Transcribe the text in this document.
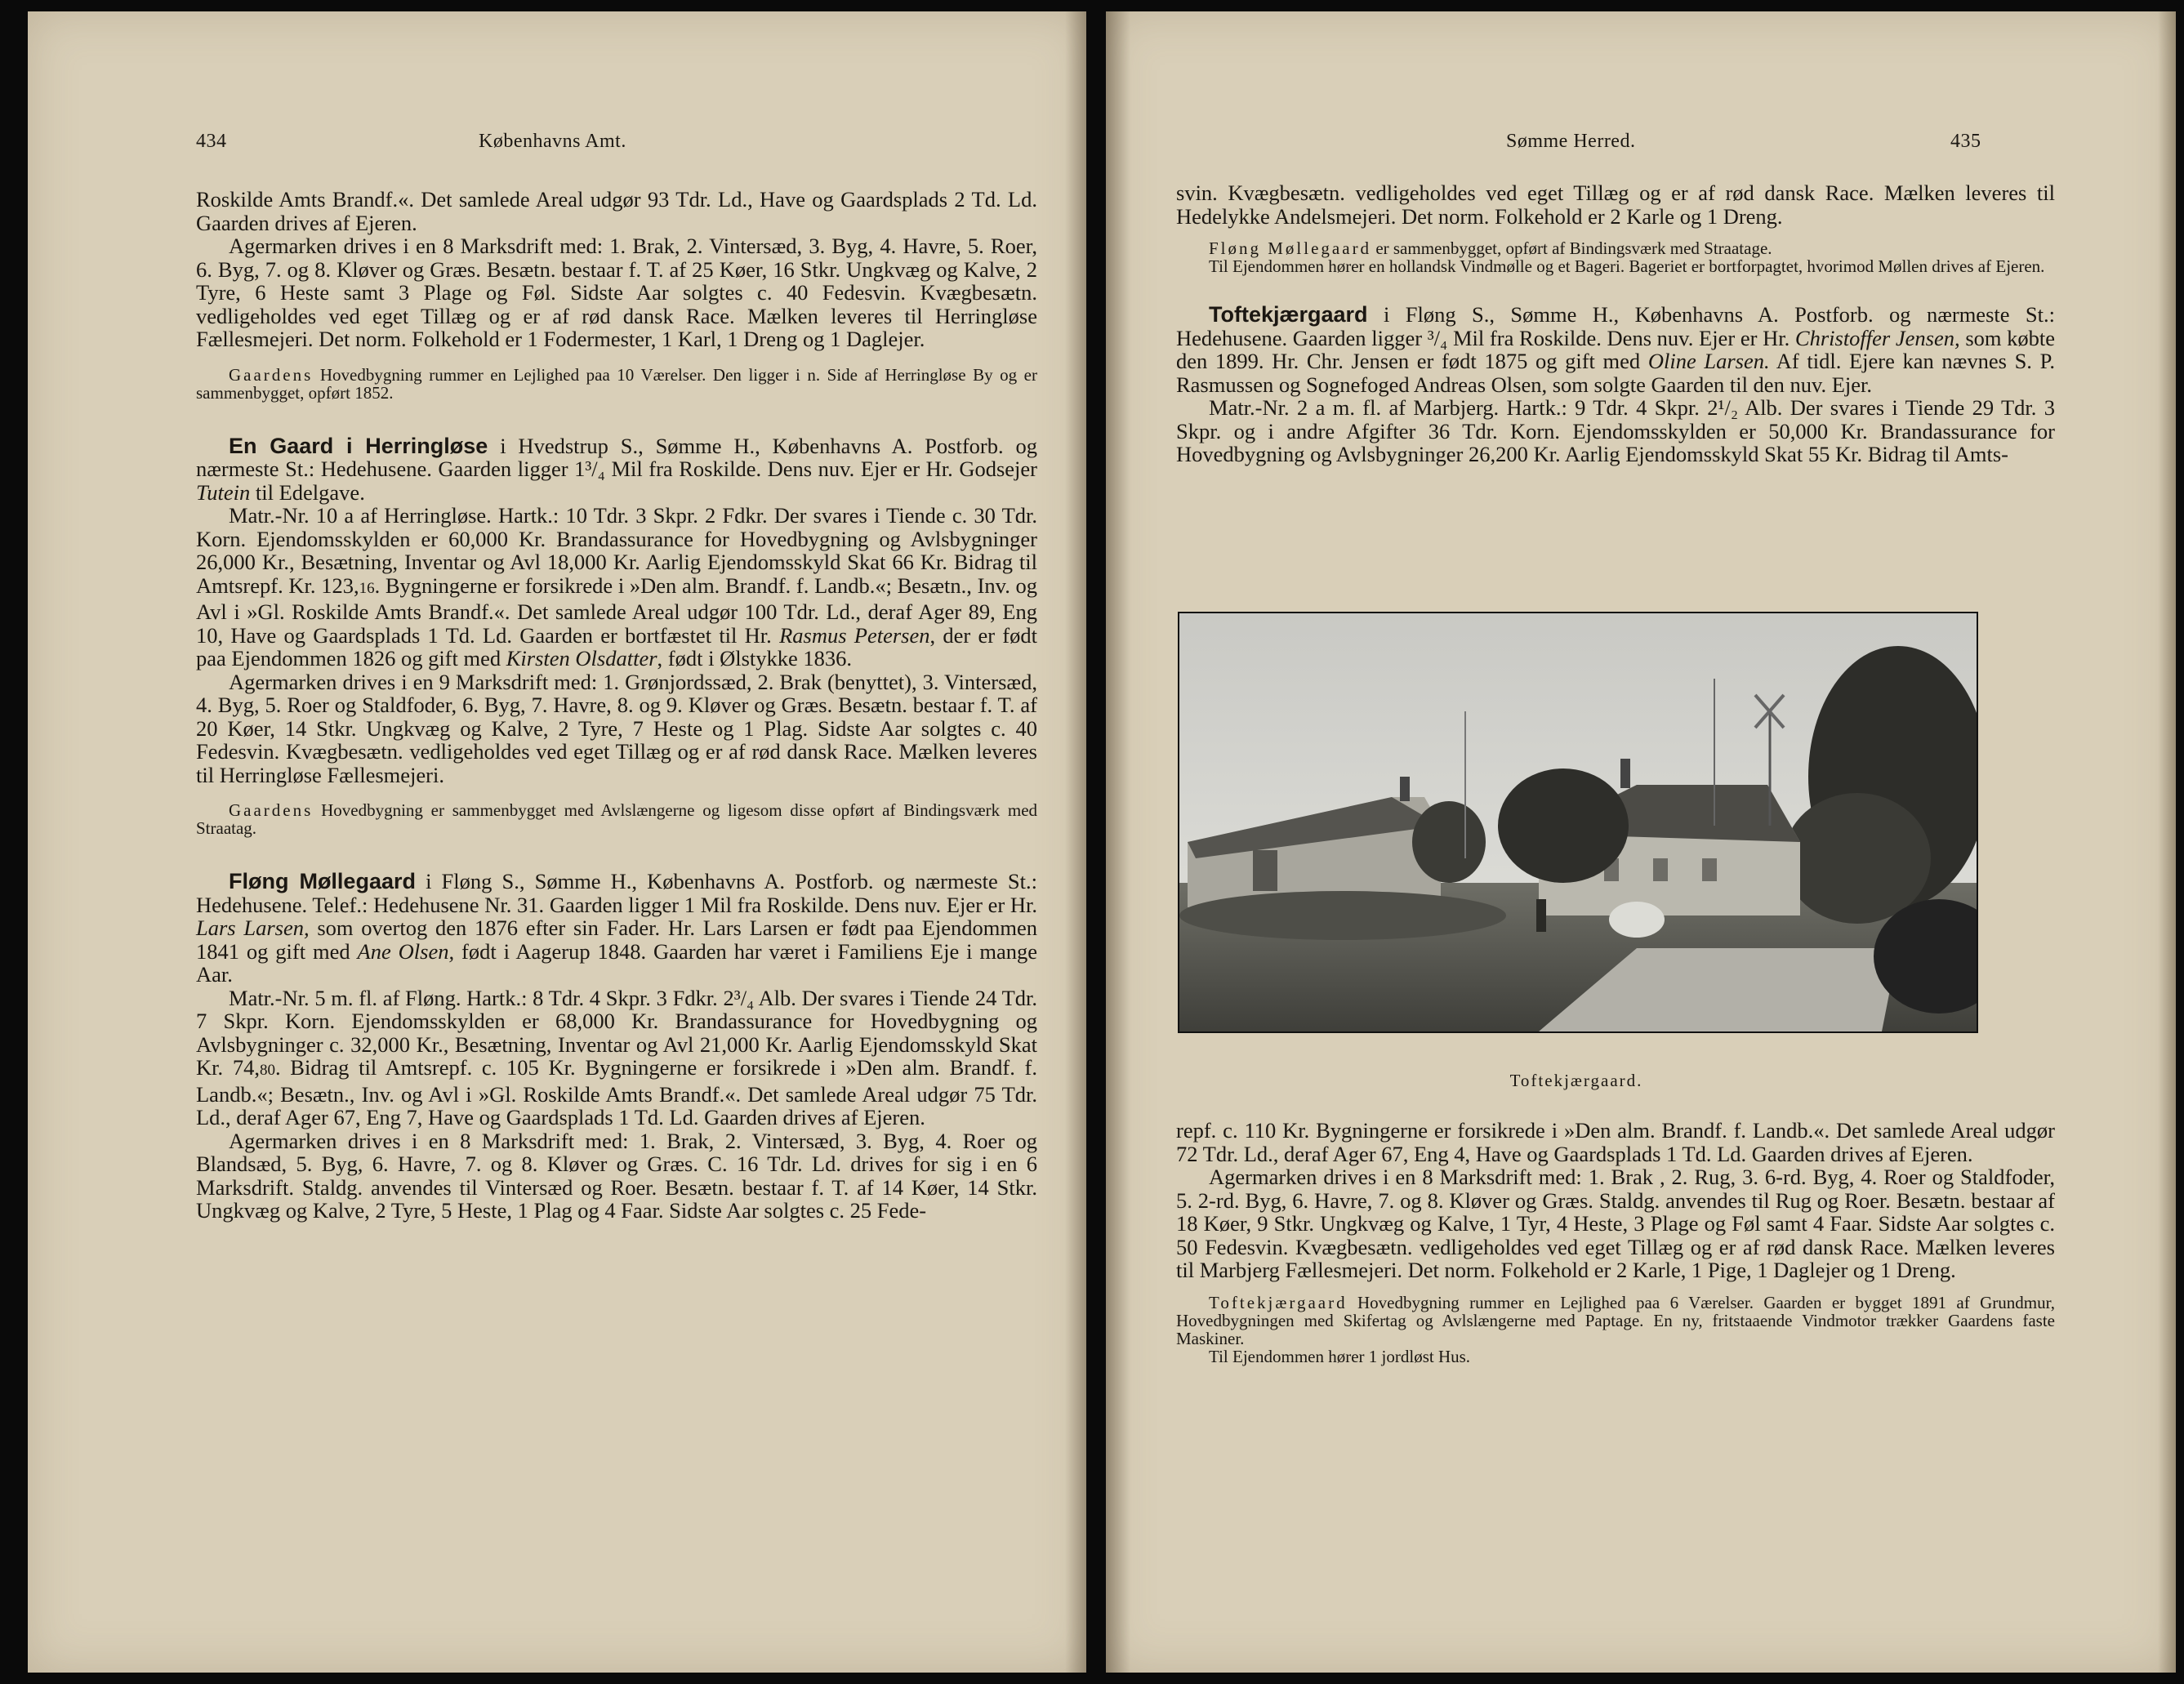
434	Københavns Amt.

Roskilde Amts Brandf.«. Det samlede Areal udgør 93 Tdr. Ld., Have og Gaardsplads 2 Td. Ld. Gaarden drives af Ejeren.

Agermarken drives i en 8 Marksdrift med: 1. Brak, 2. Vintersæd, 3. Byg, 4. Havre, 5. Roer, 6. Byg, 7. og 8. Kløver og Græs. Besætn. bestaar f. T. af 25 Køer, 16 Stkr. Ungkvæg og Kalve, 2 Tyre, 6 Heste samt 3 Plage og Føl. Sidste Aar solgtes c. 40 Fedesvin. Kvægbesætn. vedligeholdes ved eget Tillæg og er af rød dansk Race. Mælken leveres til Herringløse Fællesmejeri. Det norm. Folkehold er 1 Fodermester, 1 Karl, 1 Dreng og 1 Daglejer.

Gaardens Hovedbygning rummer en Lejlighed paa 10 Værelser. Den ligger i n. Side af Herringløse By og er sammenbygget, opført 1852.

En Gaard i Herringløse i Hvedstrup S., Sømme H., Københavns A. Postforb. og nærmeste St.: Hedehusene. Gaarden ligger 1³/₄ Mil fra Roskilde. Dens nuv. Ejer er Hr. Godsejer Tutein til Edelgave.

Matr.-Nr. 10 a af Herringløse. Hartk.: 10 Tdr. 3 Skpr. 2 Fdkr. Der svares i Tiende c. 30 Tdr. Korn. Ejendomsskylden er 60,000 Kr. Brandassurance for Hovedbygning og Avlsbygninger 26,000 Kr., Besætning, Inventar og Avl 18,000 Kr. Aarlig Ejendomsskyld Skat 66 Kr. Bidrag til Amtsrepf. Kr. 123,16. Bygningerne er forsikrede i »Den alm. Brandf. f. Landb.«; Besætn., Inv. og Avl i »Gl. Roskilde Amts Brandf.«. Det samlede Areal udgør 100 Tdr. Ld., deraf Ager 89, Eng 10, Have og Gaardsplads 1 Td. Ld. Gaarden er bortfæstet til Hr. Rasmus Petersen, der er født paa Ejendommen 1826 og gift med Kirsten Olsdatter, født i Ølstykke 1836.

Agermarken drives i en 9 Marksdrift med: 1. Grønjordssæd, 2. Brak (benyttet), 3. Vintersæd, 4. Byg, 5. Roer og Staldfoder, 6. Byg, 7. Havre, 8. og 9. Kløver og Græs. Besætn. bestaar f. T. af 20 Køer, 14 Stkr. Ungkvæg og Kalve, 2 Tyre, 7 Heste og 1 Plag. Sidste Aar solgtes c. 40 Fedesvin. Kvægbesætn. vedligeholdes ved eget Tillæg og er af rød dansk Race. Mælken leveres til Herringløse Fællesmejeri.

Gaardens Hovedbygning er sammenbygget med Avlslængerne og ligesom disse opført af Bindingsværk med Straatag.

Fløng Møllegaard i Fløng S., Sømme H., Københavns A. Postforb. og nærmeste St.: Hedehusene. Telef.: Hedehusene Nr. 31. Gaarden ligger 1 Mil fra Roskilde. Dens nuv. Ejer er Hr. Lars Larsen, som overtog den 1876 efter sin Fader. Hr. Lars Larsen er født paa Ejendommen 1841 og gift med Ane Olsen, født i Aagerup 1848. Gaarden har været i Familiens Eje i mange Aar.

Matr.-Nr. 5 m. fl. af Fløng. Hartk.: 8 Tdr. 4 Skpr. 3 Fdkr. 2³/₄ Alb. Der svares i Tiende 24 Tdr. 7 Skpr. Korn. Ejendomsskylden er 68,000 Kr. Brandassurance for Hovedbygning og Avlsbygninger c. 32,000 Kr., Besætning, Inventar og Avl 21,000 Kr. Aarlig Ejendomsskyld Skat Kr. 74,80. Bidrag til Amtsrepf. c. 105 Kr. Bygningerne er forsikrede i »Den alm. Brandf. f. Landb.«; Besætn., Inv. og Avl i »Gl. Roskilde Amts Brandf.«. Det samlede Areal udgør 75 Tdr. Ld., deraf Ager 67, Eng 7, Have og Gaardsplads 1 Td. Ld. Gaarden drives af Ejeren.

Agermarken drives i en 8 Marksdrift med: 1. Brak, 2. Vintersæd, 3. Byg, 4. Roer og Blandsæd, 5. Byg, 6. Havre, 7. og 8. Kløver og Græs. C. 16 Tdr. Ld. drives for sig i en 6 Marksdrift. Staldg. anvendes til Vintersæd og Roer. Besætn. bestaar f. T. af 14 Køer, 14 Stkr. Ungkvæg og Kalve, 2 Tyre, 5 Heste, 1 Plag og 4 Faar. Sidste Aar solgtes c. 25 Fede-

Sømme Herred.	435

svin. Kvægbesætn. vedligeholdes ved eget Tillæg og er af rød dansk Race. Mælken leveres til Hedelykke Andelsmejeri. Det norm. Folkehold er 2 Karle og 1 Dreng.

Fløng Møllegaard er sammenbygget, opført af Bindingsværk med Straatage.

Til Ejendommen hører en hollandsk Vindmølle og et Bageri. Bageriet er bortforpagtet, hvorimod Møllen drives af Ejeren.

Toftekjærgaard i Fløng S., Sømme H., Københavns A. Postforb. og nærmeste St.: Hedehusene. Gaarden ligger ³/₄ Mil fra Roskilde. Dens nuv. Ejer er Hr. Christoffer Jensen, som købte den 1899. Hr. Chr. Jensen er født 1875 og gift med Oline Larsen. Af tidl. Ejere kan nævnes S. P. Rasmussen og Sognefoged Andreas Olsen, som solgte Gaarden til den nuv. Ejer.

Matr.-Nr. 2 a m. fl. af Marbjerg. Hartk.: 9 Tdr. 4 Skpr. 2¹/₂ Alb. Der svares i Tiende 29 Tdr. 3 Skpr. og i andre Afgifter 36 Tdr. Korn. Ejendomsskylden er 50,000 Kr. Brandassurance for Hovedbygning og Avlsbygninger 26,200 Kr. Aarlig Ejendomsskyld Skat 55 Kr. Bidrag til Amts-

Toftekjærgaard.

repf. c. 110 Kr. Bygningerne er forsikrede i »Den alm. Brandf. f. Landb.«. Det samlede Areal udgør 72 Tdr. Ld., deraf Ager 67, Eng 4, Have og Gaardsplads 1 Td. Ld. Gaarden drives af Ejeren.

Agermarken drives i en 8 Marksdrift med: 1. Brak , 2. Rug, 3. 6-rd. Byg, 4. Roer og Staldfoder, 5. 2-rd. Byg, 6. Havre, 7. og 8. Kløver og Græs. Staldg. anvendes til Rug og Roer. Besætn. bestaar af 18 Køer, 9 Stkr. Ungkvæg og Kalve, 1 Tyr, 4 Heste, 3 Plage og Føl samt 4 Faar. Sidste Aar solgtes c. 50 Fedesvin. Kvægbesætn. vedligeholdes ved eget Tillæg og er af rød dansk Race. Mælken leveres til Marbjerg Fællesmejeri. Det norm. Folkehold er 2 Karle, 1 Pige, 1 Daglejer og 1 Dreng.

Toftekjærgaard Hovedbygning rummer en Lejlighed paa 6 Værelser. Gaarden er bygget 1891 af Grundmur, Hovedbygningen med Skifertag og Avlslængerne med Paptage. En ny, fritstaaende Vindmotor trækker Gaardens faste Maskiner.

Til Ejendommen hører 1 jordløst Hus.
